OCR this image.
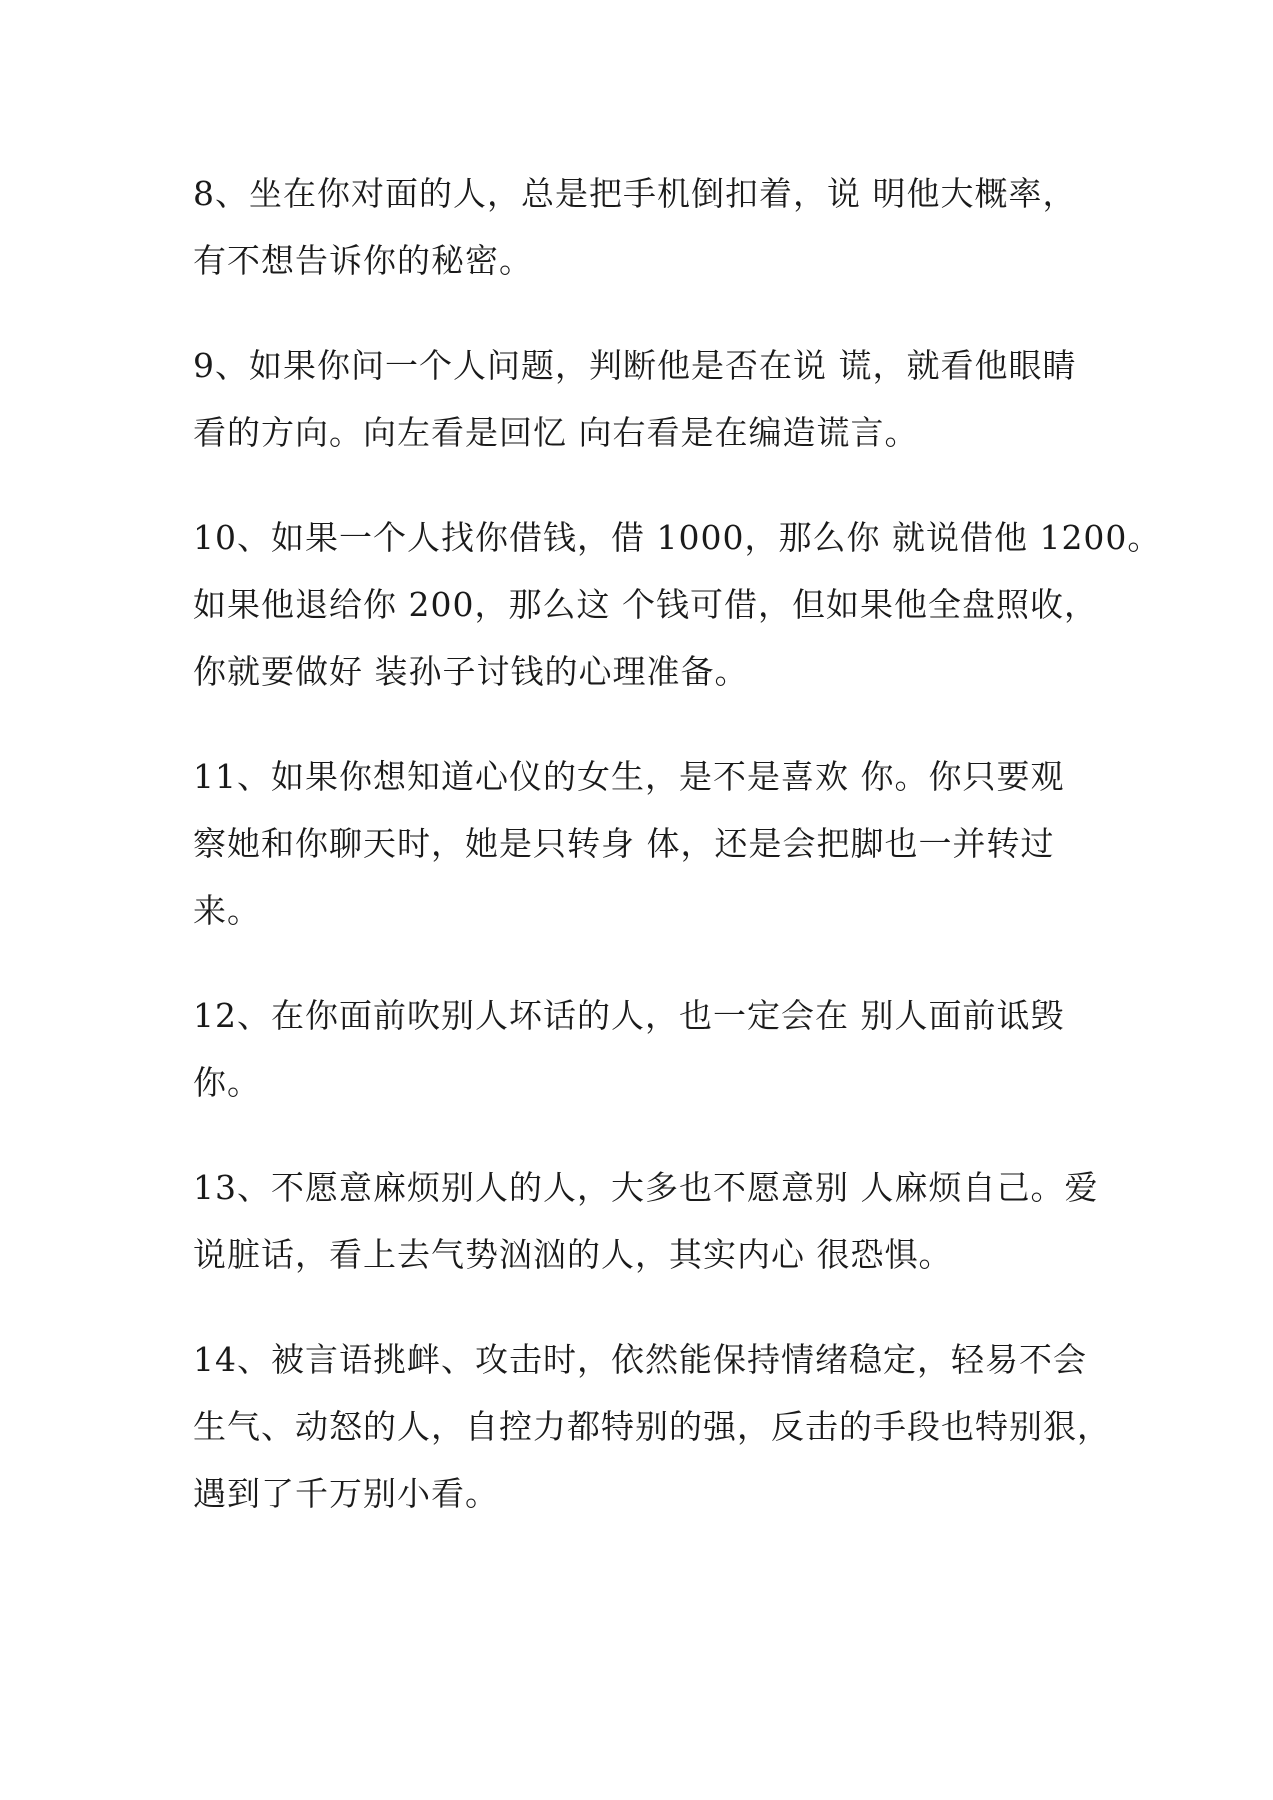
8、坐在你对面的人，总是把手机倒扣着，说 明他大概率，
有不想告诉你的秘密。

9、如果你问一个人问题，判断他是否在说 谎，就看他眼睛
看的方向。向左看是回忆 向右看是在编造谎言。

10、如果一个人找你借钱，借 1000，那么你 就说借他 1200。
如果他退给你 200，那么这 个钱可借，但如果他全盘照收，
你就要做好 装孙子讨钱的心理准备。

11、如果你想知道心仪的女生，是不是喜欢 你。你只要观
察她和你聊天时，她是只转身 体，还是会把脚也一并转过
来。

12、在你面前吹别人坏话的人，也一定会在 别人面前诋毁
你。

13、不愿意麻烦别人的人，大多也不愿意别 人麻烦自己。爱
说脏话，看上去气势汹汹的人，其实内心 很恐惧。

14、被言语挑衅、攻击时，依然能保持情绪稳定，轻易不会
生气、动怒的人，自控力都特别的强，反击的手段也特别狠，
遇到了千万别小看。
